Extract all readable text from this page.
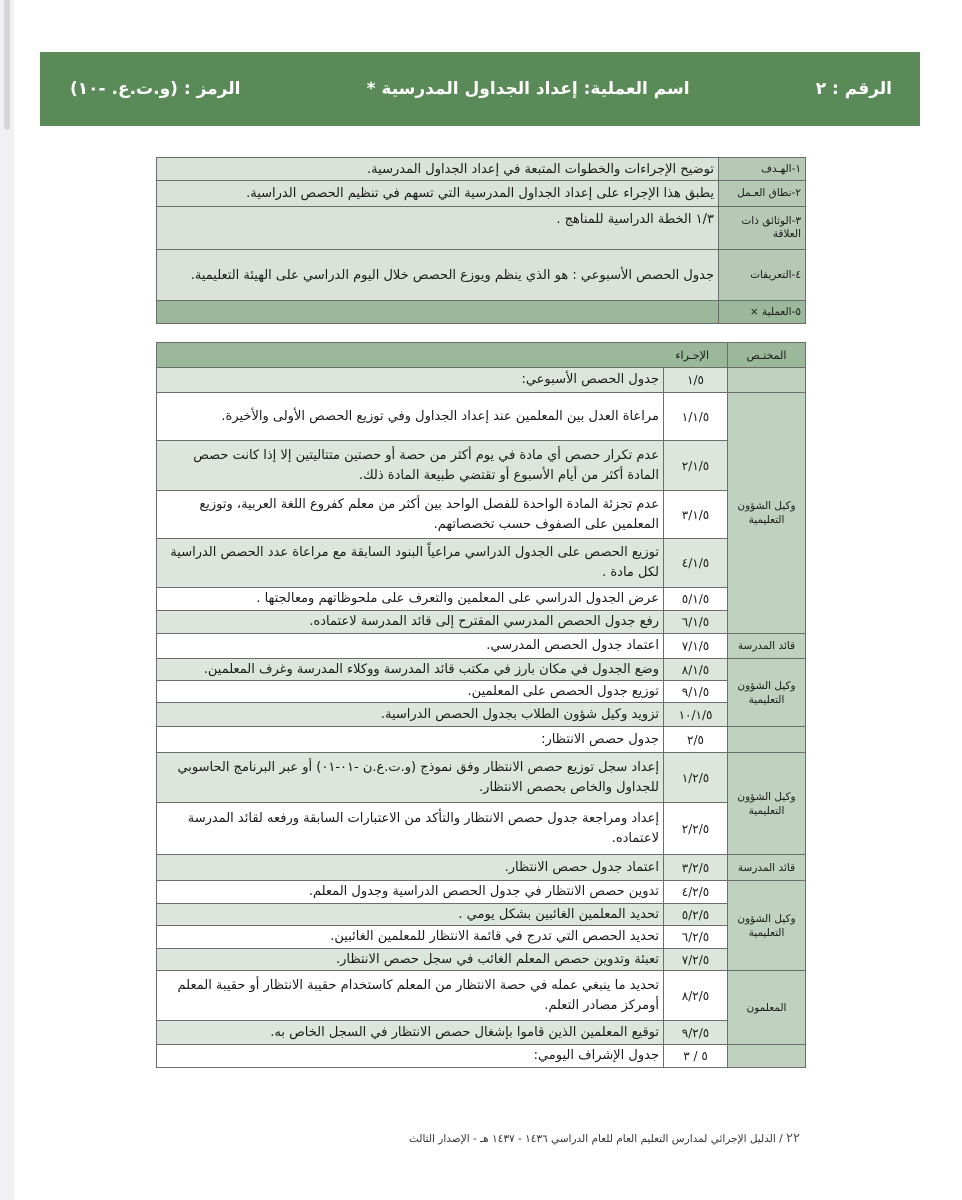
الرقم : ٢
اسم العملية: إعداد الجداول المدرسية *
الرمز : (و.ت.ع. -١٠)
١-الهـدف	توضيح الإجراءات والخطوات المتبعة في إعداد الجداول المدرسية.
٢-نطاق العـمل	يطبق هذا الإجراء على إعداد الجداول المدرسية التي تسهم في تنظيم الحصص الدراسية.
٣-الوثائق ذات العلاقة	١/٣ الخطة الدراسية للمناهج .
٤-التعريفات	جدول الحصص الأسبوعي : هو الذي ينظم ويوزع الحصص خلال اليوم الدراسي على الهيئة التعليمية.
٥-العملية ×	
المختـص	الإجـراء	
	١/٥	جدول الحصص الأسبوعي:
وكيل الشؤون التعليمية	١/١/٥	مراعاة العدل بين المعلمين عند إعداد الجداول وفي توزيع الحصص الأولى والأخيرة.
	٢/١/٥	عدم تكرار حصص أي مادة في يوم أكثر من حصة أو حصتين متتاليتين إلا إذا كانت حصص المادة أكثر من أيام الأسبوع أو تقتضي طبيعة المادة ذلك.
	٣/١/٥	عدم تجزئة المادة الواحدة للفصل الواحد بين أكثر من معلم كفروع اللغة العربية، وتوزيع المعلمين على الصفوف حسب تخصصاتهم.
	٤/١/٥	توزيع الحصص على الجدول الدراسي مراعياً البنود السابقة مع مراعاة عدد الحصص الدراسية لكل مادة .
	٥/١/٥	عرض الجدول الدراسي على المعلمين والتعرف على ملحوظاتهم ومعالجتها .
	٦/١/٥	رفع جدول الحصص المدرسي المقترح إلى قائد المدرسة لاعتماده.
قائد المدرسة	٧/١/٥	اعتماد جدول الحصص المدرسي.
وكيل الشؤون التعليمية	٨/١/٥	وضع الجدول في مكان بارز في مكتب قائد المدرسة ووكلاء المدرسة وغرف المعلمين.
	٩/١/٥	توزيع جدول الحصص على المعلمين.
	١٠/١/٥	تزويد وكيل شؤون الطلاب بجدول الحصص الدراسية.
	٢/٥	جدول حصص الانتظار:
وكيل الشؤون التعليمية	١/٢/٥	إعداد سجل توزيع حصص الانتظار وفق نموذج (و.ت.ع.ن -٠١-٠١) أو عبر البرنامج الحاسوبي للجداول والخاص بحصص الانتظار.
	٢/٢/٥	إعداد ومراجعة جدول حصص الانتظار والتأكد من الاعتبارات السابقة ورفعه لقائد المدرسة لاعتماده.
قائد المدرسة	٣/٢/٥	اعتماد جدول حصص الانتظار.
وكيل الشؤون التعليمية	٤/٢/٥	تدوين حصص الانتظار في جدول الحصص الدراسية وجدول المعلم.
	٥/٢/٥	تحديد المعلمين الغائبين بشكل يومي .
	٦/٢/٥	تحديد الحصص التي تدرج في قائمة الانتظار للمعلمين الغائبين.
	٧/٢/٥	تعبئة وتدوين حصص المعلم الغائب في سجل حصص الانتظار.
المعلمون	٨/٢/٥	تحديد ما ينبغي عمله في حصة الانتظار من المعلم كاستخدام حقيبة الانتظار أو حقيبة المعلم أومركز مصادر التعلم.
	٩/٢/٥	توقيع المعلمين الذين قاموا بإشغال حصص الانتظار في السجل الخاص به.
	٥ / ٣	جدول الإشراف اليومي:
٢٢ / الدليل الإجرائي لمدارس التعليم العام للعام الدراسي ١٤٣٦ - ١٤٣٧ هـ - الإصدار الثالث
